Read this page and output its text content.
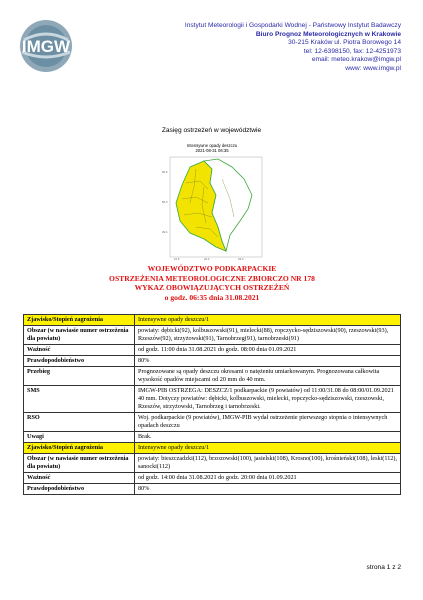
IMGW
Instytut Meteorologii i Gospodarki Wodnej - Państwowy Instytut Badawczy
Biuro Prognoz Meteorologicznych w Krakowie
30-215 Kraków ul. Piotra Borowego 14
tel: 12-6398150, fax: 12-4251973
email: meteo.krakow@imgw.pl
www: www.imgw.pl
Zasięg ostrzeżeń w województwie
Intensywne opady deszczu
2021-08-31 06:35
50.6
50.0
49.4
21.5	22.4	23.3
WOJEWÓDZTWO PODKARPACKIE
OSTRZEŻENIA METEOROLOGICZNE ZBIORCZO NR 178
WYKAZ OBOWIĄZUJĄCYCH OSTRZEŻEŃ
o godz. 06:35 dnia 31.08.2021
Zjawisko/Stopień zagrożenia	Intensywne opady deszczu/1
Obszar (w nawiasie numer ostrzeżenia dla powiatu)	powiaty: dębicki(92), kolbuszowski(91), mielecki(88), ropczycko-sędziszowski(90), rzeszowski(93), Rzeszów(92), strzyżowski(91), Tarnobrzeg(91), tarnobrzeski(91)
Ważność	od godz. 11:00 dnia 31.08.2021 do godz. 08:00 dnia 01.09.2021
Prawdopodobieństwo	80%
Przebieg	Prognozowane są opady deszczu okresami o natężeniu umiarkowanym. Prognozowana całkowita wysokość opadów miejscami od 20 mm do 40 mm.
SMS	IMGW-PIB OSTRZEGA: DESZCZ/1 podkarpackie (9 powiatów) od 11:00/31.08 do 08:00/01.09.2021 40 mm. Dotyczy powiatów: dębicki, kolbuszowski, mielecki, ropczycko-sędziszowski, rzeszowski, Rzeszów, strzyżowski, Tarnobrzeg i tarnobrzeski.
RSO	Woj. podkarpackie (9 powiatów), IMGW-PIB wydał ostrzeżenie pierwszego stopnia o intensywnych opadach deszczu
Uwagi	Brak.
Zjawisko/Stopień zagrożenia	Intensywne opady deszczu/1
Obszar (w nawiasie numer ostrzeżenia dla powiatu)	powiaty: bieszczadzki(112), brzozowski(100), jasielski(108), Krosno(100), krośnieński(108), leski(112), sanocki(112)
Ważność	od godz. 14:00 dnia 31.08.2021 do godz. 20:00 dnia 01.09.2021
Prawdopodobieństwo	80%
strona 1 z 2
